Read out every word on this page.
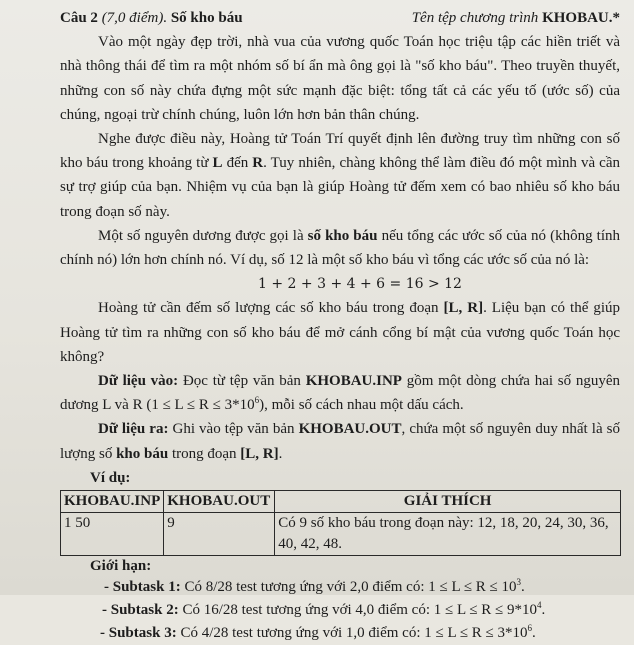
Câu 2 (7,0 điểm). Số kho báu	Tên tệp chương trình KHOBAU.*

Vào một ngày đẹp trời, nhà vua của vương quốc Toán học triệu tập các hiền triết và nhà thông thái để tìm ra một nhóm số bí ẩn mà ông gọi là "số kho báu". Theo truyền thuyết, những con số này chứa đựng một sức mạnh đặc biệt: tổng tất cả các yếu tố (ước số) của chúng, ngoại trừ chính chúng, luôn lớn hơn bản thân chúng.

Nghe được điều này, Hoàng tử Toán Trí quyết định lên đường truy tìm những con số kho báu trong khoảng từ L đến R. Tuy nhiên, chàng không thể làm điều đó một mình và cần sự trợ giúp của bạn. Nhiệm vụ của bạn là giúp Hoàng tử đếm xem có bao nhiêu số kho báu trong đoạn số này.

Một số nguyên dương được gọi là số kho báu nếu tổng các ước số của nó (không tính chính nó) lớn hơn chính nó. Ví dụ, số 12 là một số kho báu vì tổng các ước số của nó là:

1 + 2 + 3 + 4 + 6 = 16 > 12

Hoàng tử cần đếm số lượng các số kho báu trong đoạn [L, R]. Liệu bạn có thể giúp Hoàng tử tìm ra những con số kho báu để mở cánh cổng bí mật của vương quốc Toán học không?

Dữ liệu vào: Đọc từ tệp văn bản KHOBAU.INP gồm một dòng chứa hai số nguyên dương L và R $(1 \le L \le R \le 3*10^6)$, mỗi số cách nhau một dấu cách.

Dữ liệu ra: Ghi vào tệp văn bản KHOBAU.OUT, chứa một số nguyên duy nhất là số lượng số kho báu trong đoạn [L, R].

Ví dụ:
KHOBAU.INP	KHOBAU.OUT	GIẢI THÍCH
1 50	9	Có 9 số kho báu trong đoạn này: 12, 18, 20, 24, 30, 36, 40, 42, 48.
Giới hạn:
- Subtask 1: Có 8/28 test tương ứng với 2,0 điểm có: $1 \le L \le R \le 10^3$.
- Subtask 2: Có 16/28 test tương ứng với 4,0 điểm có: $1 \le L \le R \le 9*10^4$.
- Subtask 3: Có 4/28 test tương ứng với 1,0 điểm có: $1 \le L \le R \le 3*10^6$.
